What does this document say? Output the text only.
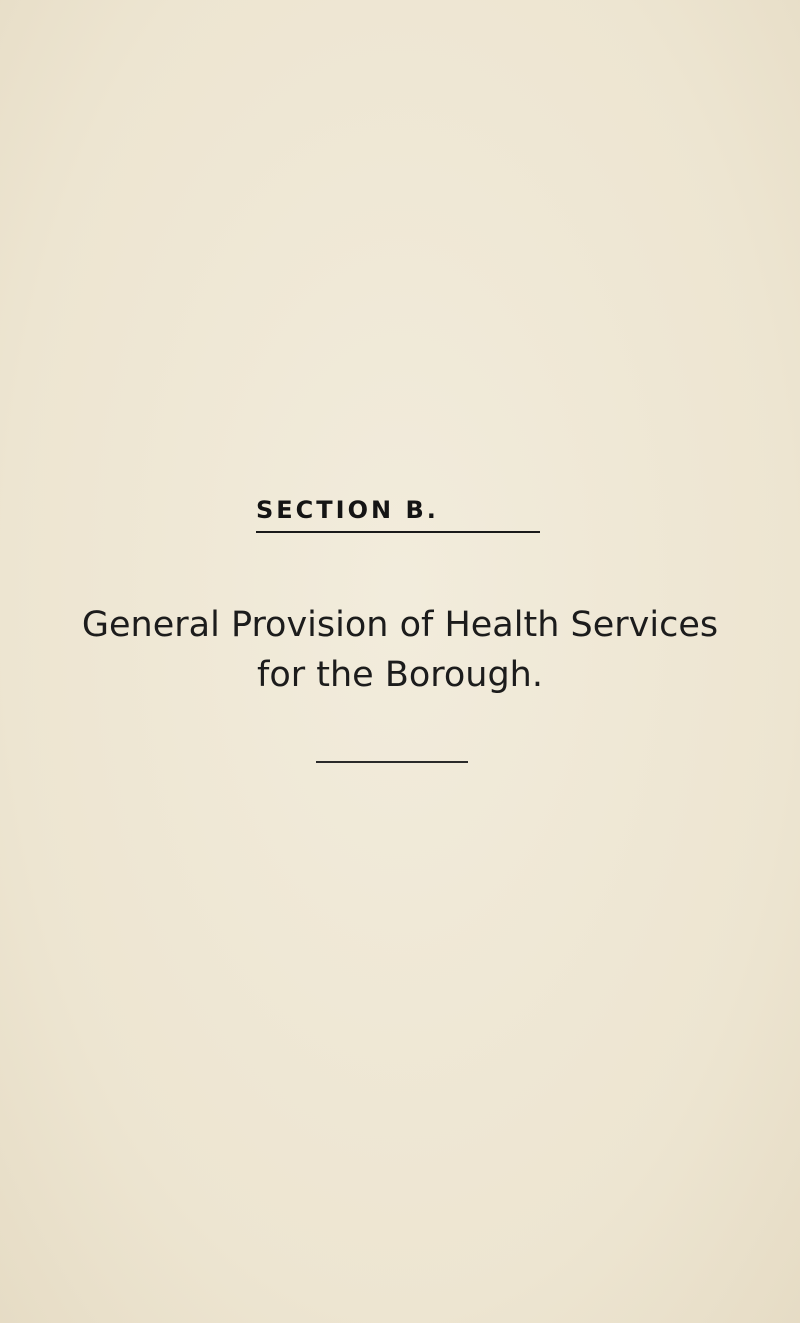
SECTION B.

General Provision of Health Services
for the Borough.
